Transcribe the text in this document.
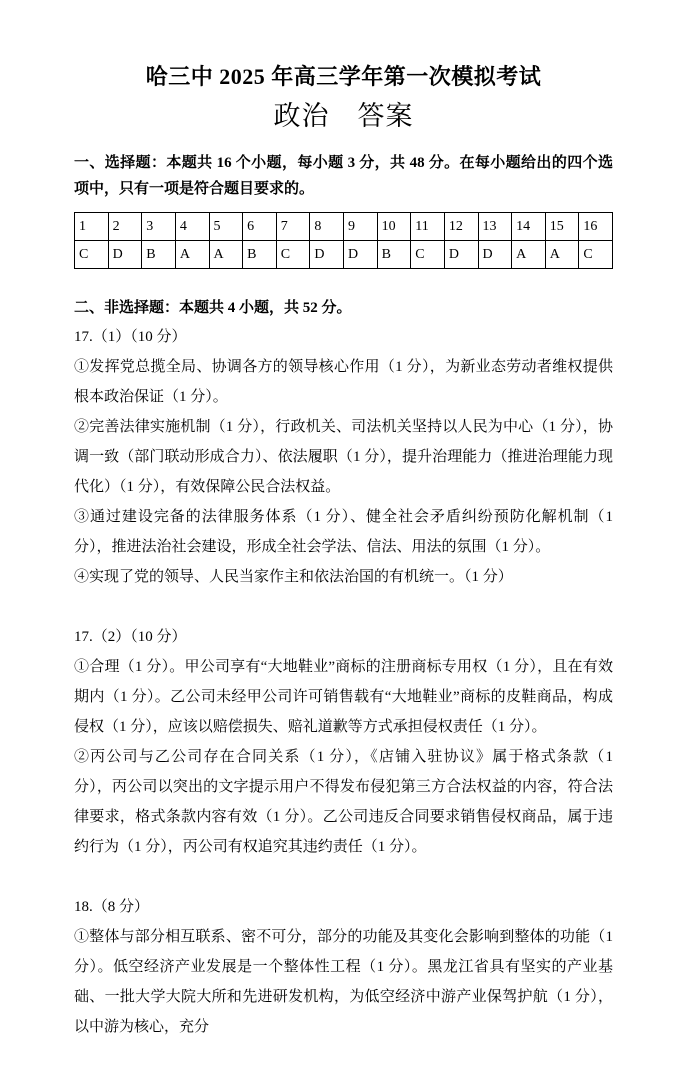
哈三中 2025 年高三学年第一次模拟考试
政治　答案

一、选择题：本题共 16 个小题，每小题 3 分，共 48 分。在每小题给出的四个选项中，只有一项是符合题目要求的。

1	2	3	4	5	6	7	8	9	10	11	12	13	14	15	16
C	D	B	A	A	B	C	D	D	B	C	D	D	A	A	C

二、非选择题：本题共 4 小题，共 52 分。

17.（1）（10 分）

①发挥党总揽全局、协调各方的领导核心作用（1 分），为新业态劳动者维权提供根本政治保证（1 分）。

②完善法律实施机制（1 分），行政机关、司法机关坚持以人民为中心（1 分），协调一致（部门联动形成合力）、依法履职（1 分），提升治理能力（推进治理能力现代化）（1 分），有效保障公民合法权益。

③通过建设完备的法律服务体系（1 分）、健全社会矛盾纠纷预防化解机制（1 分），推进法治社会建设，形成全社会学法、信法、用法的氛围（1 分）。

④实现了党的领导、人民当家作主和依法治国的有机统一。（1 分）

17.（2）（10 分）

①合理（1 分）。甲公司享有“大地鞋业”商标的注册商标专用权（1 分），且在有效期内（1 分）。乙公司未经甲公司许可销售载有“大地鞋业”商标的皮鞋商品，构成侵权（1 分），应该以赔偿损失、赔礼道歉等方式承担侵权责任（1 分）。

②丙公司与乙公司存在合同关系（1 分），《店铺入驻协议》属于格式条款（1 分），丙公司以突出的文字提示用户不得发布侵犯第三方合法权益的内容，符合法律要求，格式条款内容有效（1 分）。乙公司违反合同要求销售侵权商品，属于违约行为（1 分），丙公司有权追究其违约责任（1 分）。

18.（8 分）

①整体与部分相互联系、密不可分，部分的功能及其变化会影响到整体的功能（1 分）。低空经济产业发展是一个整体性工程（1 分）。黑龙江省具有坚实的产业基础、一批大学大院大所和先进研发机构，为低空经济中游产业保驾护航（1 分），以中游为核心，充分
